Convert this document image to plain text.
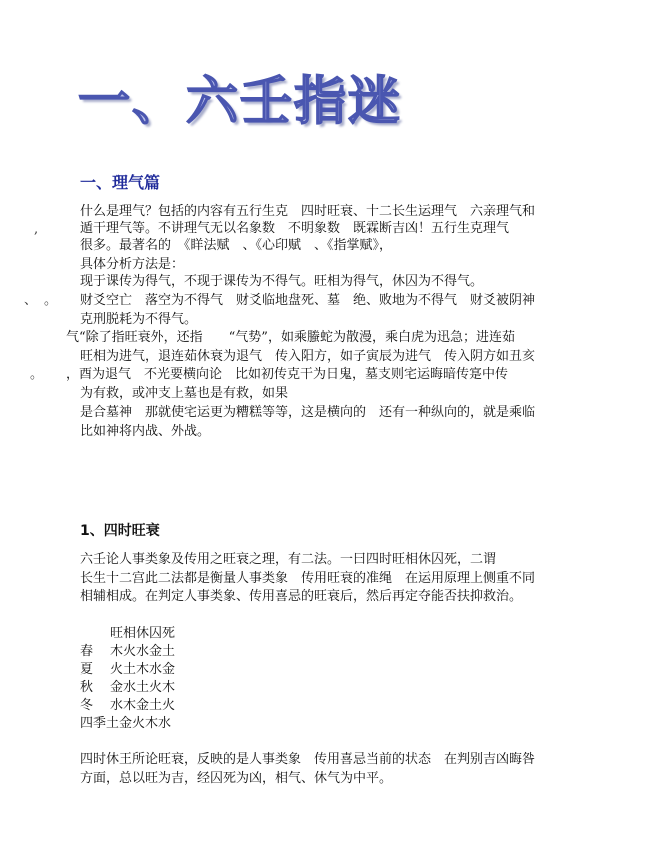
一、六壬指迷
一、理气篇
什么是理气？包括的内容有五行生克　四时旺衰、十二长生运理气　六亲理气和
遁干理气等。不讲理气无以名象数　不明象数　既霖断吉凶！五行生克理气
很多。最著名的　《眻法赋　、《心印赋　、《指掌赋》，
具体分析方法是：
现于课传为得气，不现于课传为不得气。旺相为得气，休囚为不得气。
财爻空亡　落空为不得气　财爻临地盘死、墓　绝、败地为不得气　财爻被阴神
克刑脱耗为不得气。
气“除了指旺衰外，还指　　“气势”，如乘螣蛇为散漫，乘白虎为迅急；进连茹
旺相为进气，退连茹休衰为退气　传入阳方，如子寅辰为进气　传入阴方如丑亥
，酉为退气　不光要横向论　比如初传克干为日鬼，墓支则宅运晦暗传寔中传
为有救，或冲支上墓也是有救，如果
是合墓神　那就使宅运更为糟糕等等，这是横向的　还有一种纵向的，就是乘临
比如神将内战、外战。
,
、 。
。
1、四时旺衰
六壬论人事类象及传用之旺衰之理，有二法。一曰四时旺相休囚死，二谓
长生十二宫此二法都是衡量人事类象　传用旺衰的准绳　在运用原理上侧重不同
相辅相成。在判定人事类象、传用喜忌的旺衰后，然后再定夺能否扶抑救治。
旺相休囚死
春 木火水金土
夏 火土木水金
秋 金水土火木
冬 水木金土火
四季土金火木水
四时休王所论旺衰，反映的是人事类象　传用喜忌当前的状态　在判别吉凶晦咎
方面，总以旺为吉，经囚死为凶，相气、休气为中平。
